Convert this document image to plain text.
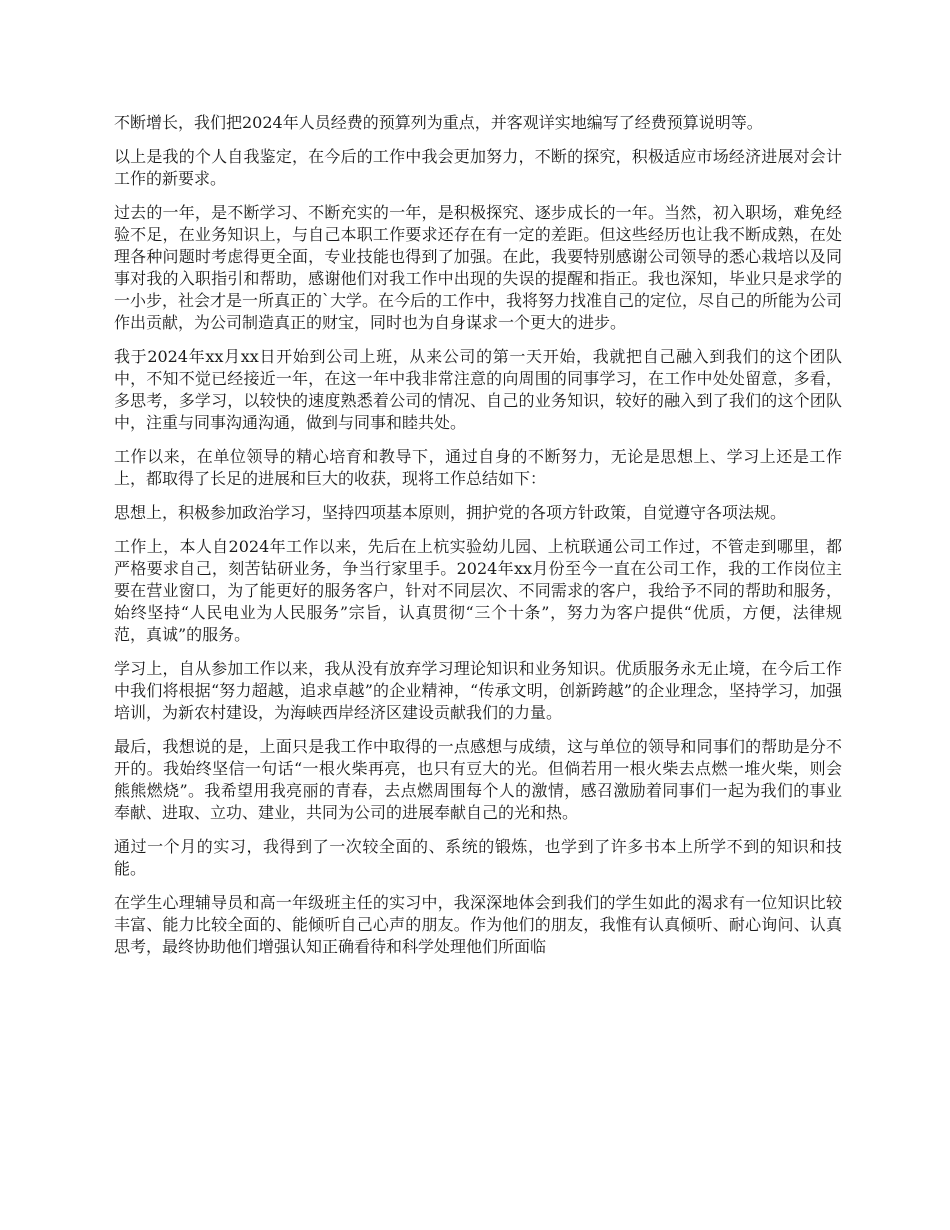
不断增长，我们把2024年人员经费的预算列为重点，并客观详实地编写了经费预算说明等。

以上是我的个人自我鉴定，在今后的工作中我会更加努力，不断的探究，积极适应市场经济进展对会计工作的新要求。

过去的一年，是不断学习、不断充实的一年，是积极探究、逐步成长的一年。当然，初入职场，难免经验不足，在业务知识上，与自己本职工作要求还存在有一定的差距。但这些经历也让我不断成熟，在处理各种问题时考虑得更全面，专业技能也得到了加强。在此，我要特别感谢公司领导的悉心栽培以及同事对我的入职指引和帮助，感谢他们对我工作中出现的失误的提醒和指正。我也深知，毕业只是求学的一小步，社会才是一所真正的`大学。在今后的工作中，我将努力找准自己的定位，尽自己的所能为公司作出贡献，为公司制造真正的财宝，同时也为自身谋求一个更大的进步。

我于2024年xx月xx日开始到公司上班，从来公司的第一天开始，我就把自己融入到我们的这个团队中，不知不觉已经接近一年，在这一年中我非常注意的向周围的同事学习，在工作中处处留意，多看，多思考，多学习，以较快的速度熟悉着公司的情况、自己的业务知识，较好的融入到了我们的这个团队中，注重与同事沟通沟通，做到与同事和睦共处。

工作以来，在单位领导的精心培育和教导下，通过自身的不断努力，无论是思想上、学习上还是工作上，都取得了长足的进展和巨大的收获，现将工作总结如下：

思想上，积极参加政治学习，坚持四项基本原则，拥护党的各项方针政策，自觉遵守各项法规。

工作上，本人自2024年工作以来，先后在上杭实验幼儿园、上杭联通公司工作过，不管走到哪里，都严格要求自己，刻苦钻研业务，争当行家里手。2024年xx月份至今一直在公司工作，我的工作岗位主要在营业窗口，为了能更好的服务客户，针对不同层次、不同需求的客户，我给予不同的帮助和服务，始终坚持“人民电业为人民服务”宗旨，认真贯彻“三个十条”，努力为客户提供“优质，方便，法律规范，真诚”的服务。

学习上，自从参加工作以来，我从没有放弃学习理论知识和业务知识。优质服务永无止境，在今后工作中我们将根据“努力超越，追求卓越”的企业精神，“传承文明，创新跨越”的企业理念，坚持学习，加强培训，为新农村建设，为海峡西岸经济区建设贡献我们的力量。

最后，我想说的是，上面只是我工作中取得的一点感想与成绩，这与单位的领导和同事们的帮助是分不开的。我始终坚信一句话“一根火柴再亮，也只有豆大的光。但倘若用一根火柴去点燃一堆火柴，则会熊熊燃烧”。我希望用我亮丽的青春，去点燃周围每个人的激情，感召激励着同事们一起为我们的事业奉献、进取、立功、建业，共同为公司的进展奉献自己的光和热。

通过一个月的实习，我得到了一次较全面的、系统的锻炼，也学到了许多书本上所学不到的知识和技能。

在学生心理辅导员和高一年级班主任的实习中，我深深地体会到我们的学生如此的渴求有一位知识比较丰富、能力比较全面的、能倾听自己心声的朋友。作为他们的朋友，我惟有认真倾听、耐心询问、认真思考，最终协助他们增强认知正确看待和科学处理他们所面临
